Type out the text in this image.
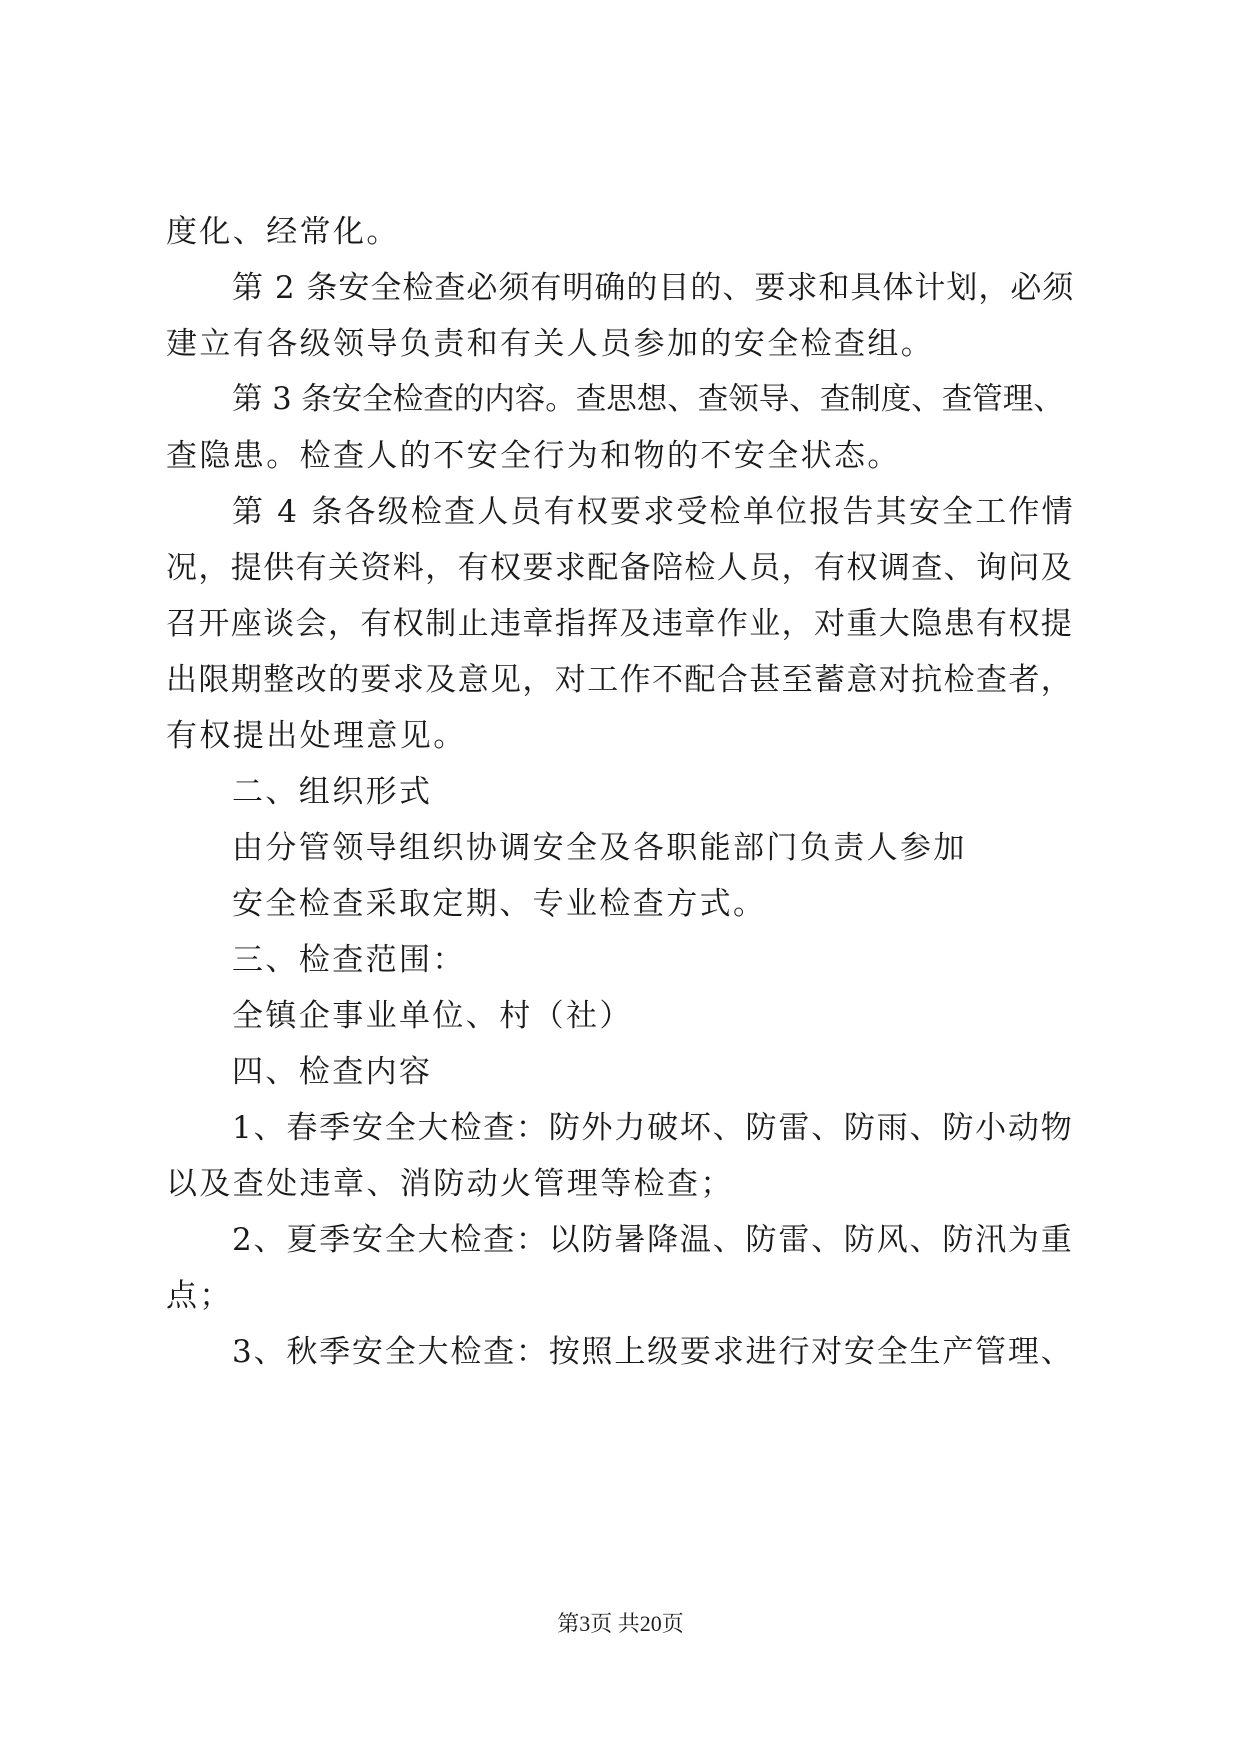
度化、经常化。
第 2 条安全检查必须有明确的目的、要求和具体计划，必须
建立有各级领导负责和有关人员参加的安全检查组。
第 3 条安全检查的内容。查思想、查领导、查制度、查管理、
查隐患。检查人的不安全行为和物的不安全状态。
第 4 条各级检查人员有权要求受检单位报告其安全工作情
况，提供有关资料，有权要求配备陪检人员，有权调查、询问及
召开座谈会，有权制止违章指挥及违章作业，对重大隐患有权提
出限期整改的要求及意见，对工作不配合甚至蓄意对抗检查者，
有权提出处理意见。
二、组织形式
由分管领导组织协调安全及各职能部门负责人参加
安全检查采取定期、专业检查方式。
三、检查范围：
全镇企事业单位、村（社）
四、检查内容
1、春季安全大检查：防外力破坏、防雷、防雨、防小动物
以及查处违章、消防动火管理等检查；
2、夏季安全大检查：以防暑降温、防雷、防风、防汛为重
点；
3、秋季安全大检查：按照上级要求进行对安全生产管理、
第3页 共20页
